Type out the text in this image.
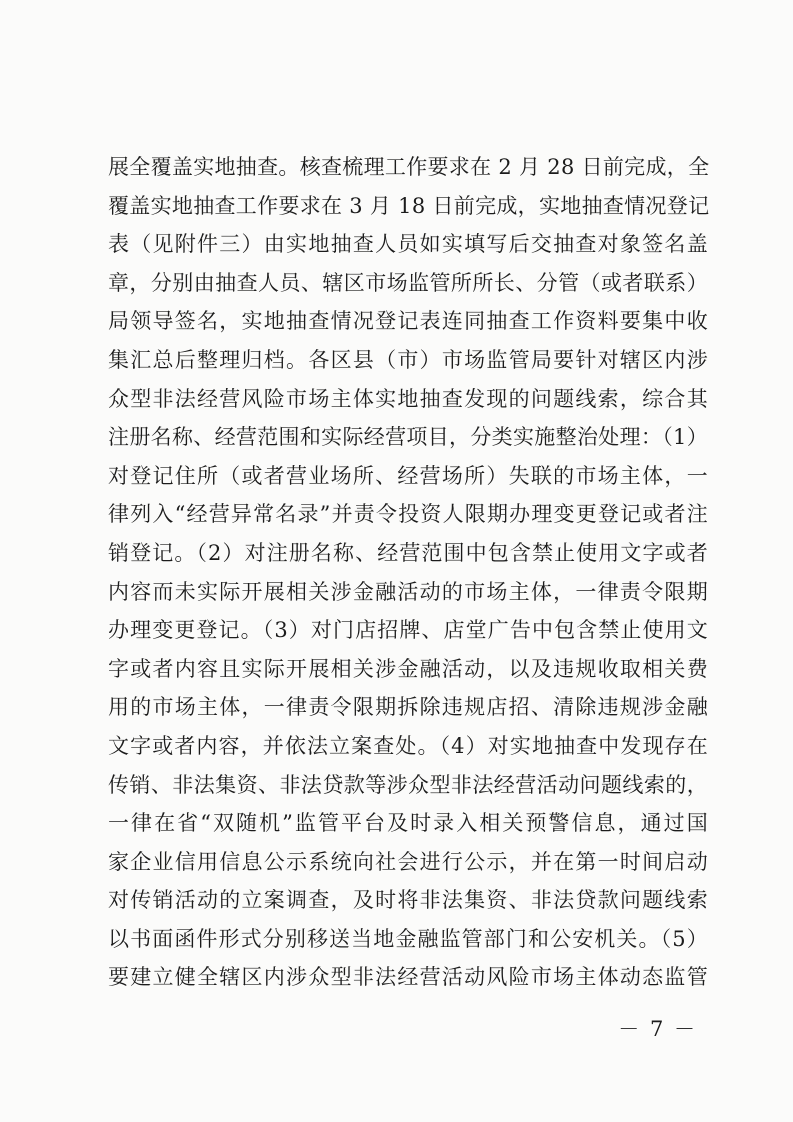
展全覆盖实地抽查。核查梳理工作要求在 2 月 28 日前完成，全
覆盖实地抽查工作要求在 3 月 18 日前完成，实地抽查情况登记
表（见附件三）由实地抽查人员如实填写后交抽查对象签名盖
章，分别由抽查人员、辖区市场监管所所长、分管（或者联系）
局领导签名，实地抽查情况登记表连同抽查工作资料要集中收
集汇总后整理归档。各区县（市）市场监管局要针对辖区内涉
众型非法经营风险市场主体实地抽查发现的问题线索，综合其
注册名称、经营范围和实际经营项目，分类实施整治处理：（1）
对登记住所（或者营业场所、经营场所）失联的市场主体，一
律列入“经营异常名录”并责令投资人限期办理变更登记或者注
销登记。（2）对注册名称、经营范围中包含禁止使用文字或者
内容而未实际开展相关涉金融活动的市场主体，一律责令限期
办理变更登记。（3）对门店招牌、店堂广告中包含禁止使用文
字或者内容且实际开展相关涉金融活动，以及违规收取相关费
用的市场主体，一律责令限期拆除违规店招、清除违规涉金融
文字或者内容，并依法立案查处。（4）对实地抽查中发现存在
传销、非法集资、非法贷款等涉众型非法经营活动问题线索的，
一律在省“双随机”监管平台及时录入相关预警信息，通过国
家企业信用信息公示系统向社会进行公示，并在第一时间启动
对传销活动的立案调查，及时将非法集资、非法贷款问题线索
以书面函件形式分别移送当地金融监管部门和公安机关。（5）
要建立健全辖区内涉众型非法经营活动风险市场主体动态监管
－ 7 －
